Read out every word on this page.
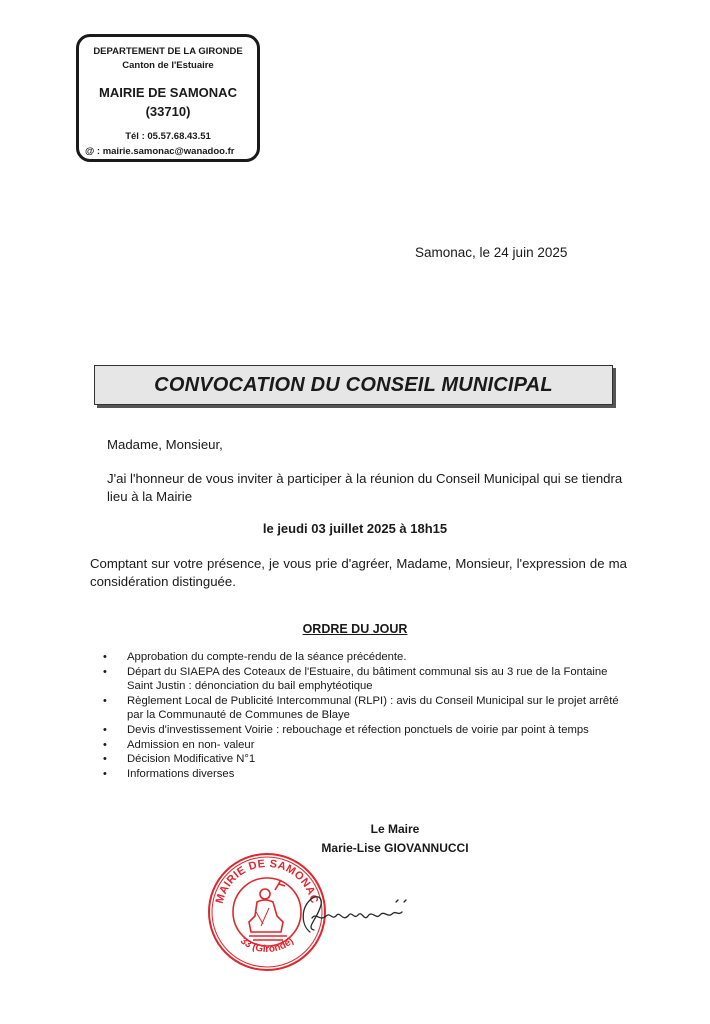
DEPARTEMENT DE LA GIRONDE
Canton de l'Estuaire
MAIRIE DE SAMONAC
(33710)
Tél : 05.57.68.43.51
@ : mairie.samonac@wanadoo.fr
Samonac, le 24 juin 2025
CONVOCATION DU CONSEIL MUNICIPAL
Madame, Monsieur,
J'ai l'honneur de vous inviter à participer à la réunion du Conseil Municipal qui se tiendra lieu à la Mairie
le jeudi 03 juillet 2025 à 18h15
Comptant sur votre présence, je vous prie d'agréer, Madame, Monsieur, l'expression de ma considération distinguée.
ORDRE DU JOUR
• Approbation du compte-rendu de la séance précédente.
• Départ du SIAEPA des Coteaux de l'Estuaire, du bâtiment communal sis au 3 rue de la Fontaine Saint Justin : dénonciation du bail emphytéotique
• Règlement Local de Publicité Intercommunal (RLPI) : avis du Conseil Municipal sur le projet arrêté par la Communauté de Communes de Blaye
• Devis d'investissement Voirie : rebouchage et réfection ponctuels de voirie par point à temps
• Admission en non- valeur
• Décision Modificative N°1
• Informations diverses
Le Maire
Marie-Lise GIOVANNUCCI
MAIRIE DE SAMONAC
33 (Gironde)
